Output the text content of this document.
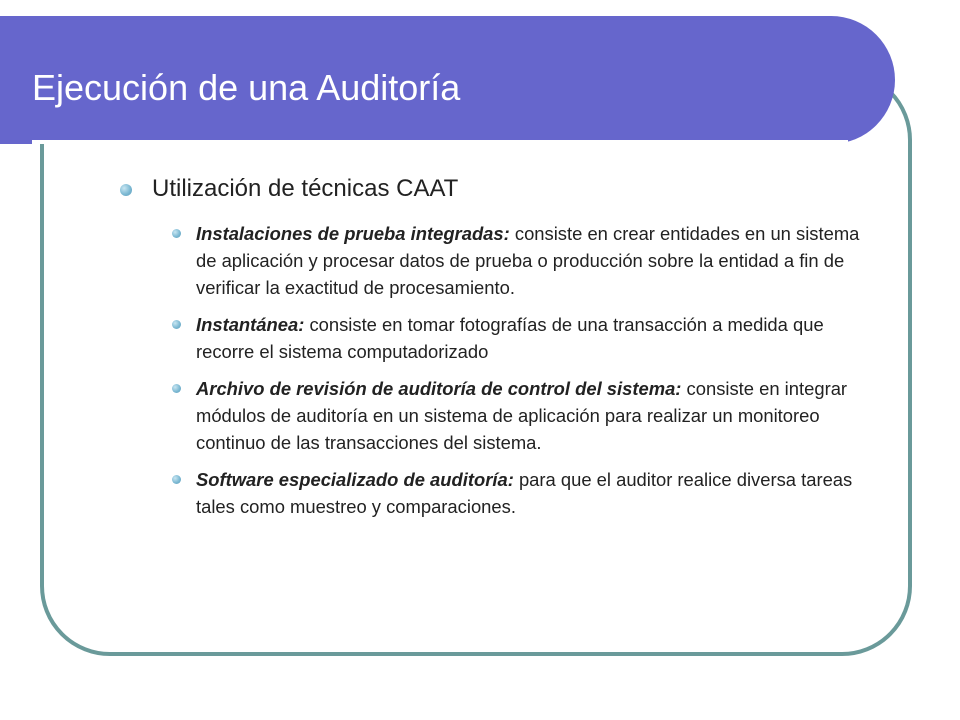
Ejecución de una Auditoría
Utilización de técnicas CAAT
Instalaciones de prueba integradas: consiste en crear entidades en un sistema de aplicación y procesar datos de prueba o producción sobre la entidad a fin de verificar la exactitud de procesamiento.
Instantánea: consiste en tomar fotografías de una transacción a medida que recorre el sistema computadorizado
Archivo de revisión de auditoría de control del sistema: consiste en integrar módulos de auditoría en un sistema de aplicación para realizar un monitoreo continuo de las transacciones del sistema.
Software especializado de auditoría: para que el auditor realice diversa tareas tales como muestreo y comparaciones.
